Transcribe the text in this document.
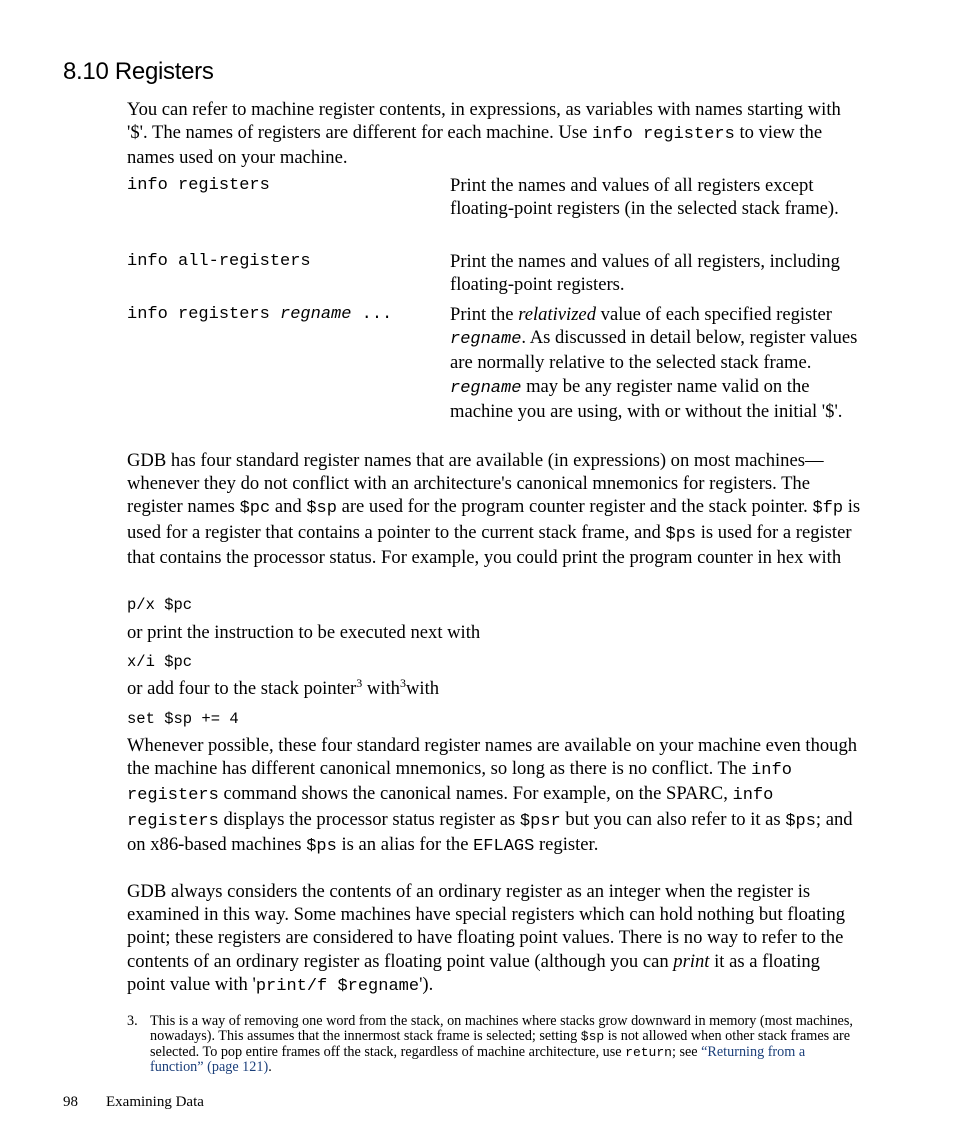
8.10 Registers

You can refer to machine register contents, in expressions, as variables with names starting with '$'. The names of registers are different for each machine. Use info registers to view the names used on your machine.

info registers	Print the names and values of all registers except floating-point registers (in the selected stack frame).
info all-registers	Print the names and values of all registers, including floating-point registers.
info registers regname ...	Print the relativized value of each specified register regname. As discussed in detail below, register values are normally relative to the selected stack frame. regname may be any register name valid on the machine you are using, with or without the initial '$'.

GDB has four standard register names that are available (in expressions) on most machines—whenever they do not conflict with an architecture's canonical mnemonics for registers. The register names $pc and $sp are used for the program counter register and the stack pointer. $fp is used for a register that contains a pointer to the current stack frame, and $ps is used for a register that contains the processor status. For example, you could print the program counter in hex with

p/x $pc
or print the instruction to be executed next with
x/i $pc
or add four to the stack pointer$^3$ with$^3$with
set $sp += 4

Whenever possible, these four standard register names are available on your machine even though the machine has different canonical mnemonics, so long as there is no conflict. The info registers command shows the canonical names. For example, on the SPARC, info registers displays the processor status register as $psr but you can also refer to it as $ps; and on x86-based machines $ps is an alias for the EFLAGS register.

GDB always considers the contents of an ordinary register as an integer when the register is examined in this way. Some machines have special registers which can hold nothing but floating point; these registers are considered to have floating point values. There is no way to refer to the contents of an ordinary register as floating point value (although you can print it as a floating point value with 'print/f $regname').

3. This is a way of removing one word from the stack, on machines where stacks grow downward in memory (most machines, nowadays). This assumes that the innermost stack frame is selected; setting $sp is not allowed when other stack frames are selected. To pop entire frames off the stack, regardless of machine architecture, use return; see “Returning from a function” (page 121).
98 Examining Data
